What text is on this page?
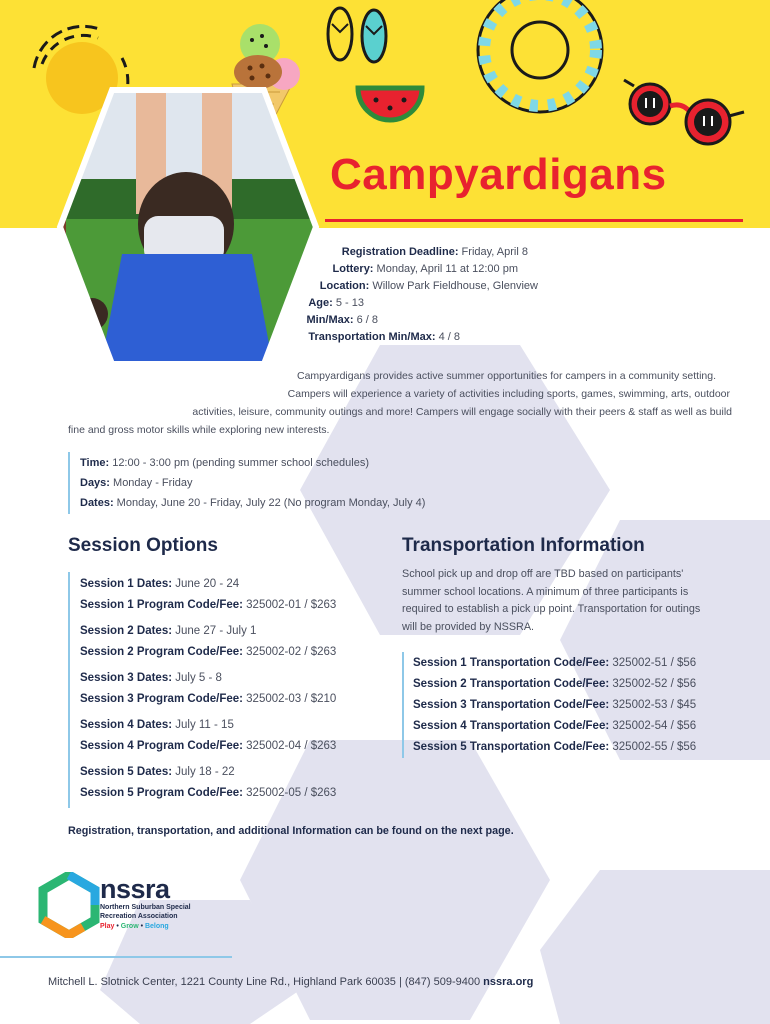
Campyardigans
Registration Deadline: Friday, April 8
Lottery: Monday, April 11 at 12:00 pm
Location: Willow Park Fieldhouse, Glenview
Age: 5 - 13
Min/Max: 6 / 8
Transportation Min/Max: 4 / 8
Campyardigans provides active summer opportunities for campers in a community setting.
Campers will experience a variety of activities including sports, games, swimming, arts, outdoor
activities, leisure, community outings and more! Campers will engage socially with their peers & staff as well as build
fine and gross motor skills while exploring new interests.
Time: 12:00 - 3:00 pm (pending summer school schedules)
Days: Monday - Friday
Dates: Monday, June 20 - Friday, July 22 (No program Monday, July 4)
Session Options

Session 1 Dates: June 20 - 24

Session 1 Program Code/Fee: 325002-01 / $263

Session 2 Dates: June 27 - July 1

Session 2 Program Code/Fee: 325002-02 / $263

Session 3 Dates: July 5 - 8

Session 3 Program Code/Fee: 325002-03 / $210

Session 4 Dates: July 11 - 15

Session 4 Program Code/Fee: 325002-04 / $263

Session 5 Dates: July 18 - 22

Session 5 Program Code/Fee: 325002-05 / $263

Transportation Information
School pick up and drop off are TBD based on participants'
summer school locations. A minimum of three participants is
required to establish a pick up point. Transportation for outings
will be provided by NSSRA.

Session 1 Transportation Code/Fee: 325002-51 / $56

Session 2 Transportation Code/Fee: 325002-52 / $56

Session 3 Transportation Code/Fee: 325002-53 / $45

Session 4 Transportation Code/Fee: 325002-54 / $56

Session 5 Transportation Code/Fee: 325002-55 / $56

Registration, transportation, and additional Information can be found on the next page.
nssra
Northern Suburban Special
Recreation Association
Play • Grow • Belong
Mitchell L. Slotnick Center, 1221 County Line Rd., Highland Park 60035 | (847) 509-9400 nssra.org
